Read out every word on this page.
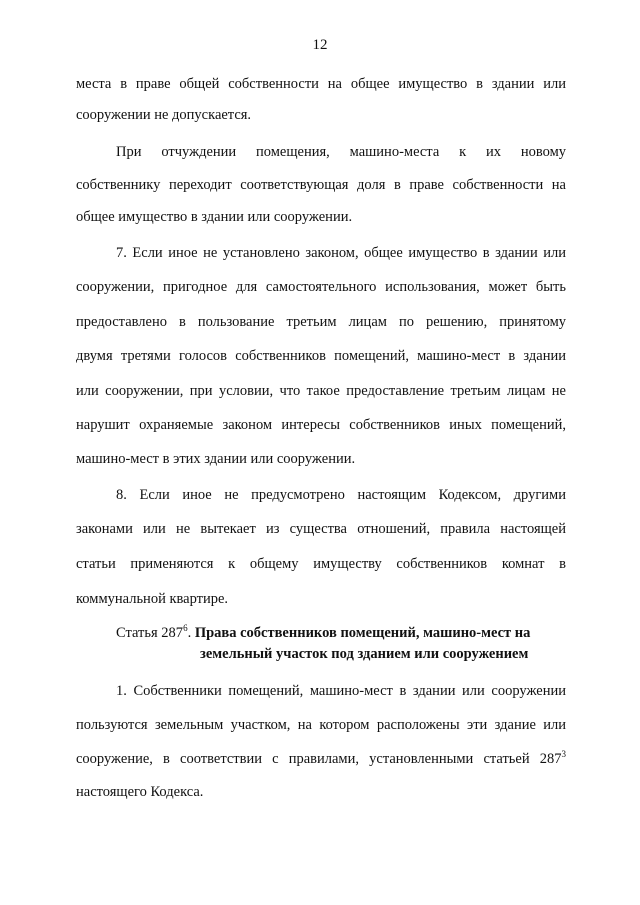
12
места в праве общей собственности на общее имущество в здании или
сооружении не допускается.
При отчуждении помещения, машино-места к их новому
собственнику переходит соответствующая доля в праве собственности на
общее имущество в здании или сооружении.
7. Если иное не установлено законом, общее имущество в здании или
сооружении, пригодное для самостоятельного использования, может быть
предоставлено в пользование третьим лицам по решению, принятому
двумя третями голосов собственников помещений, машино-мест в здании
или сооружении, при условии, что такое предоставление третьим лицам не
нарушит охраняемые законом интересы собственников иных помещений,
машино-мест в этих здании или сооружении.
8. Если иное не предусмотрено настоящим Кодексом, другими
законами или не вытекает из существа отношений, правила настоящей
статьи применяются к общему имуществу собственников комнат в
коммунальной квартире.
Статья $287^6$. Права собственников помещений, машино-мест на
земельный участок под зданием или сооружением
1. Собственники помещений, машино-мест в здании или сооружении
пользуются земельным участком, на котором расположены эти здание или
сооружение, в соответствии с правилами, установленными статьей $287^3$
настоящего Кодекса.
